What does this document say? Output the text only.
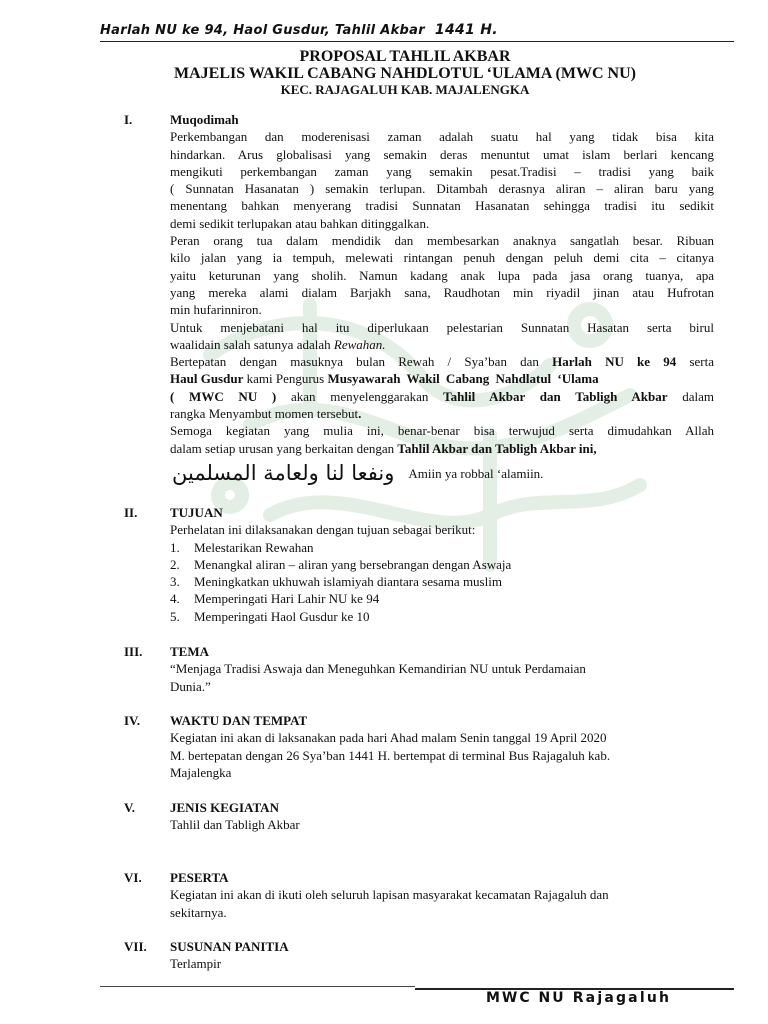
Harlah NU ke 94, Haol Gusdur, Tahlil Akbar 1441 H.
PROPOSAL TAHLIL AKBAR
MAJELIS WAKIL CABANG NAHDLOTUL ‘ULAMA (MWC NU)
KEC. RAJAGALUH KAB. MAJALENGKA
I.	Muqodimah
Perkembangan dan moderenisasi zaman adalah suatu hal yang tidak bisa kita
hindarkan. Arus globalisasi yang semakin deras menuntut umat islam berlari kencang
mengikuti perkembangan zaman yang semakin pesat.Tradisi – tradisi yang baik
( Sunnatan Hasanatan ) semakin terlupan. Ditambah derasnya aliran – aliran baru yang
menentang bahkan menyerang tradisi Sunnatan Hasanatan sehingga tradisi itu sedikit
demi sedikit terlupakan atau bahkan ditinggalkan.
Peran orang tua dalam mendidik dan membesarkan anaknya sangatlah besar. Ribuan
kilo jalan yang ia tempuh, melewati rintangan penuh dengan peluh demi cita – citanya
yaitu keturunan yang sholih. Namun kadang anak lupa pada jasa orang tuanya, apa
yang mereka alami dialam Barjakh sana, Raudhotan min riyadil jinan atau Hufrotan
min hufarinniron.
Untuk menjebatani hal itu diperlukaan pelestarian Sunnatan Hasatan serta birul
waalidain salah satunya adalah Rewahan.
Bertepatan dengan masuknya bulan Rewah / Sya’ban dan Harlah NU ke 94 serta
Haul Gusdur kami Pengurus Musyawarah Wakil Cabang Nahdlatul ‘Ulama
( MWC NU ) akan menyelenggarakan Tahlil Akbar dan Tabligh Akbar dalam
rangka Menyambut momen tersebut.
Semoga kegiatan yang mulia ini, benar-benar bisa terwujud serta dimudahkan Allah
dalam setiap urusan yang berkaitan dengan Tahlil Akbar dan Tabligh Akbar ini,
ونفعا لنا ولعامة المسلمين Amiin ya robbal ‘alamiin.
II.	TUJUAN
Perhelatan ini dilaksanakan dengan tujuan sebagai berikut:
1.	Melestarikan Rewahan
2.	Menangkal aliran – aliran yang bersebrangan dengan Aswaja
3.	Meningkatkan ukhuwah islamiyah diantara sesama muslim
4.	Memperingati Hari Lahir NU ke 94
5.	Memperingati Haol Gusdur ke 10
III. TEMA
“Menjaga Tradisi Aswaja dan Meneguhkan Kemandirian NU untuk Perdamaian
Dunia.”
IV. WAKTU DAN TEMPAT
Kegiatan ini akan di laksanakan pada hari Ahad malam Senin tanggal 19 April 2020
M. bertepatan dengan 26 Sya’ban 1441 H. bertempat di terminal Bus Rajagaluh kab.
Majalengka
V.	JENIS KEGIATAN
Tahlil dan Tabligh Akbar
VI. PESERTA
Kegiatan ini akan di ikuti oleh seluruh lapisan masyarakat kecamatan Rajagaluh dan
sekitarnya.
VII. SUSUNAN PANITIA
Terlampir
MWC NU Rajagaluh
